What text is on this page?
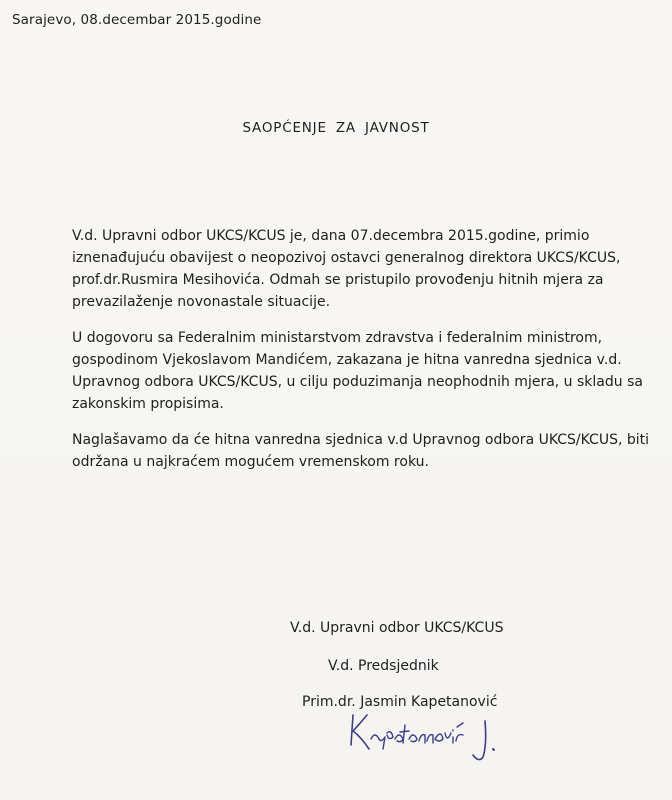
Sarajevo, 08.decembar 2015.godine
SAOPĆENJE ZA JAVNOST

V.d. Upravni odbor UKCS/KCUS je, dana 07.decembra 2015.godine, primio
iznenađujuću obavijest o neopozivoj ostavci generalnog direktora UKCS/KCUS,
prof.dr.Rusmira Mesihovića. Odmah se pristupilo provođenju hitnih mjera za
prevazilaženje novonastale situacije.

U dogovoru sa Federalnim ministarstvom zdravstva i federalnim ministrom,
gospodinom Vjekoslavom Mandićem, zakazana je hitna vanredna sjednica v.d.
Upravnog odbora UKCS/KCUS, u cilju poduzimanja neophodnih mjera, u skladu sa
zakonskim propisima.

Naglašavamo da će hitna vanredna sjednica v.d Upravnog odbora UKCS/KCUS, biti
održana u najkraćem mogućem vremenskom roku.

V.d. Upravni odbor UKCS/KCUS
V.d. Predsjednik
Prim.dr. Jasmin Kapetanović
